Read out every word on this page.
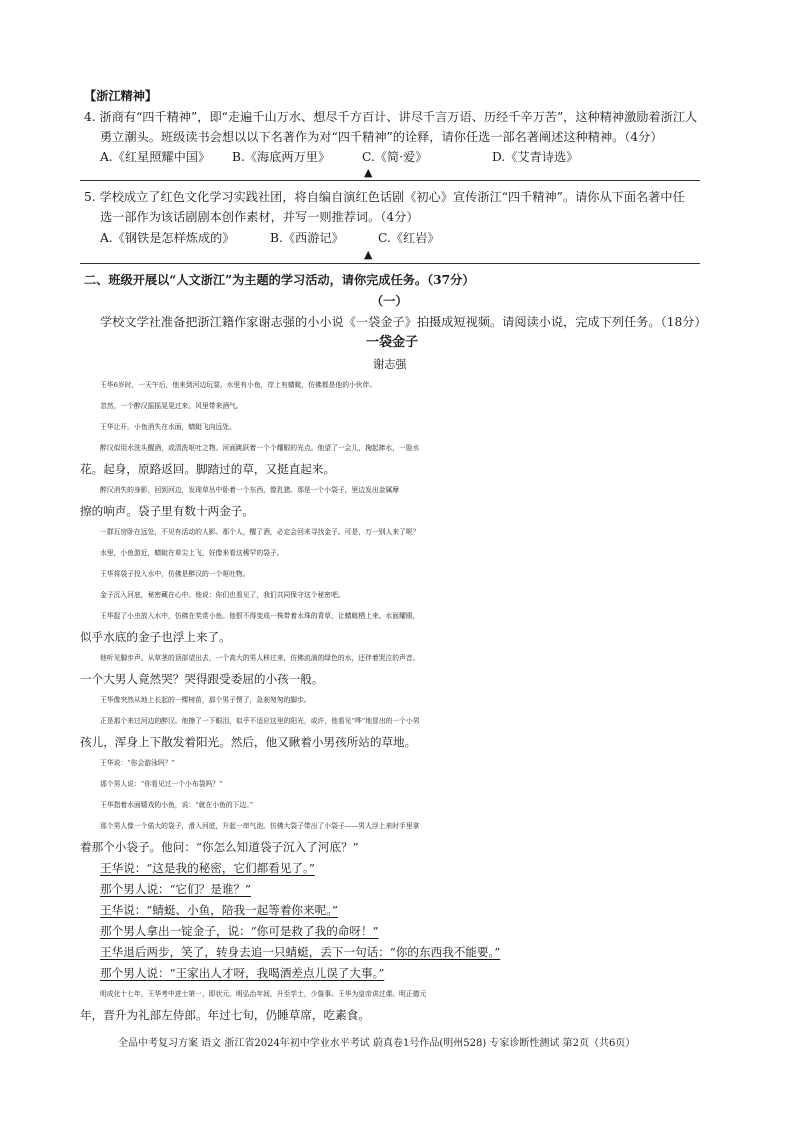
【浙江精神】
4. 浙商有“四千精神”，即“走遍千山万水、想尽千方百计、讲尽千言万语、历经千辛万苦”，这种精神激励着浙江人
勇立潮头。班级读书会想以以下名著作为对“四千精神”的诠释，请你任选一部名著阐述这种精神。（4分）
A.《红星照耀中国》 B.《海底两万里》	C.《简·爱》	D.《艾青诗选》
▲
5. 学校成立了红色文化学习实践社团，将自编自演红色话剧《初心》宣传浙江“四千精神”。请你从下面名著中任
选一部作为该话剧剧本创作素材，并写一则推荐词。（4分）
A.《钢铁是怎样炼成的》	B.《西游记》	C.《红岩》
▲
二、班级开展以“人文浙江”为主题的学习活动，请你完成任务。（37分）
（一）
学校文学社准备把浙江籍作家谢志强的小小说《一袋金子》拍摄成短视频。请阅读小说，完成下列任务。（18分）
一袋金子
谢志强
王华6岁时，一天午后，他来到河边玩耍。水里有小鱼，岸上有蜻蜓，仿佛都是他的小伙伴。
忽然，一个醉汉摇摇晃晃过来。风里带来酒气。
王华让开。小鱼消失在水面，蜻蜓飞向远处。
醉汉似用水洗头醒酒，或清洗呕吐之物。河面跳跃着一个个耀眼的光点。他望了一会儿，掬起捧水，一脸水
花。起身，原路返回。脚踏过的草，又挺直起来。
醉汉消失的身影，回到河边，发现草丛中卧着一个东西，像乳猪。那是一个小袋子，里边发出金属摩
擦的响声。袋子里有数十两金子。
一群瓦房卧在远处，不见有活动的人影。那个人，醒了酒，必定会回来寻找金子。可是，万一别人来了呢？
水里，小鱼游近，蜻蜓在草尖上飞，好像来看这稀罕的袋子。
王华将袋子投入水中，仿佛是醉汉的一个呕吐物。
金子沉入河底，秘密藏在心中。他说：你们也看见了，我们共同保守这个秘密吧。
王华捉了小虫放入水中，仿佛在奖赏小鱼。他恨不得变成一株带着水珠的青草，让蜻蜓栖上来。水面耀眼，
似乎水底的金子也浮上来了。
他听见脚步声。从草茎的顶部望出去，一个高大的男人移过来，仿佛流淌的绿色的水，还伴着哭泣的声音。
一个大男人竟然哭？哭得跟受委屈的小孩一般。
王华像突然从地上长起的一棵树苗，那个男子愣了，急刹匆匆的脚步。
正是那个来过河边的醉汉。他擦了一下眼泪，似乎不适应这里的阳光，或许，他看见“哗”地冒出的一个小男
孩儿，浑身上下散发着阳光。然后，他又瞅着小男孩所站的草地。
王华说：“你会游泳吗？”
那个男人说：“你看见过一个小布袋吗？”
王华指着水面嬉戏的小鱼，说：“就在小鱼的下边。”
那个男人像一个偌大的袋子，滑入河底，升起一串气泡。仿佛大袋子带出了小袋子——男人浮上来时手里拿
着那个小袋子。他问：“你怎么知道袋子沉入了河底？”
王华说：“这是我的秘密，它们都看见了。”
那个男人说：“它们？是谁？”
王华说：“蜻蜓、小鱼，陪我一起等着你来呢。”
那个男人拿出一锭金子，说：“你可是救了我的命呀！”
王华退后两步，笑了，转身去追一只蜻蜓，丢下一句话：“你的东西我不能要。”
那个男人说：“王家出人才呀，我喝酒差点儿误了大事。”
明成化十七年，王华考中进士第一，即状元。明弘治年间，升至学士，少詹事。王华为皇帝讲过课。明正德元
年，晋升为礼部左侍郎。年过七旬，仍睡草席，吃素食。
全品中考复习方案 语文 浙江省2024年初中学业水平考试 蔚真卷1号作品(明州528) 专家诊断性测试 第2页（共6页）
